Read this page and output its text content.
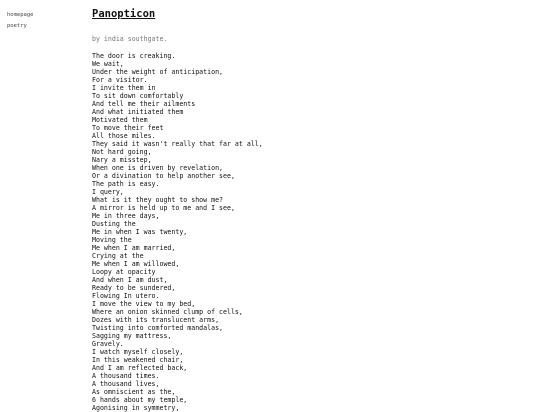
homepage
poetry
Panopticon
by india southgate.
The door is creaking.
We wait,
Under the weight of anticipation,
For a visitor.
I invite them in
To sit down comfortably
And tell me their ailments
And what initiated them
Motivated them
To move their feet
All those miles.
They said it wasn't really that far at all,
Not hard going,
Nary a misstep,
When one is driven by revelation,
Or a divination to help another see,
The path is easy.
I query,
What is it they ought to show me?
A mirror is held up to me and I see,
Me in three days,
Dusting the
Me in when I was twenty,
Moving the
Me when I am married,
Crying at the
Me when I am willowed,
Loopy at opacity
And when I am dust,
Ready to be sundered,
Flowing In utero.
I move the view to my bed,
Where an onion skinned clump of cells,
Dozes with its translucent arms,
Twisting into comforted mandalas,
Sagging my mattress,
Gravely.
I watch myself closely,
In this weakened chair,
And I am reflected back,
A thousand times.
A thousand lives,
As omniscient as the,
6 hands about my temple,
Agonising in symmetry,
